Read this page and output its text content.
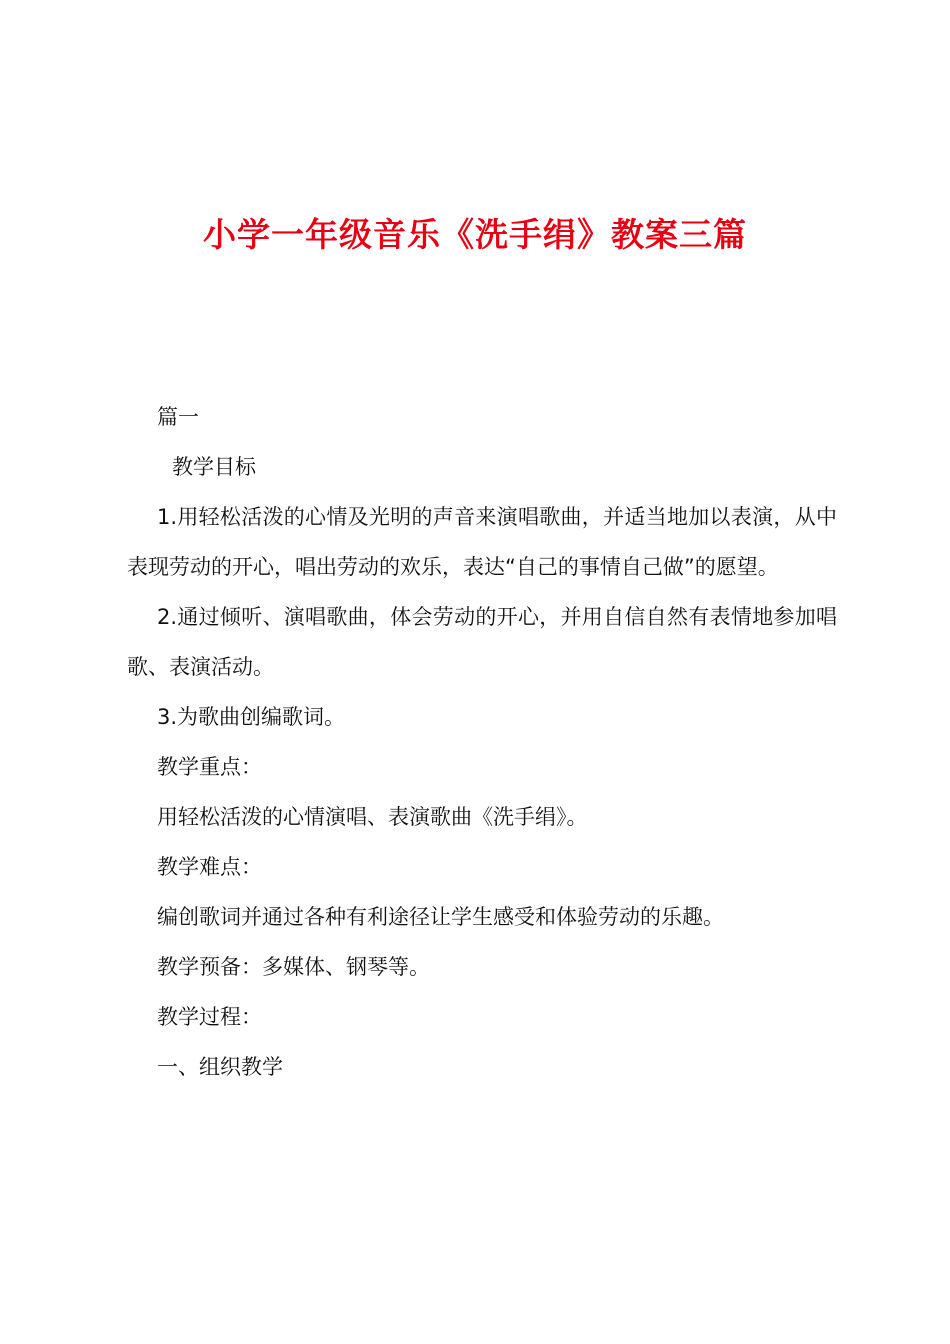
小学一年级音乐《洗手绢》教案三篇

篇一

教学目标

1.用轻松活泼的心情及光明的声音来演唱歌曲，并适当地加以表演，从中表现劳动的开心，唱出劳动的欢乐，表达“自己的事情自己做”的愿望。

2.通过倾听、演唱歌曲，体会劳动的开心，并用自信自然有表情地参加唱歌、表演活动。

3.为歌曲创编歌词。

教学重点：

用轻松活泼的心情演唱、表演歌曲《洗手绢》。

教学难点：

编创歌词并通过各种有利途径让学生感受和体验劳动的乐趣。

教学预备：多媒体、钢琴等。

教学过程：

一、组织教学
